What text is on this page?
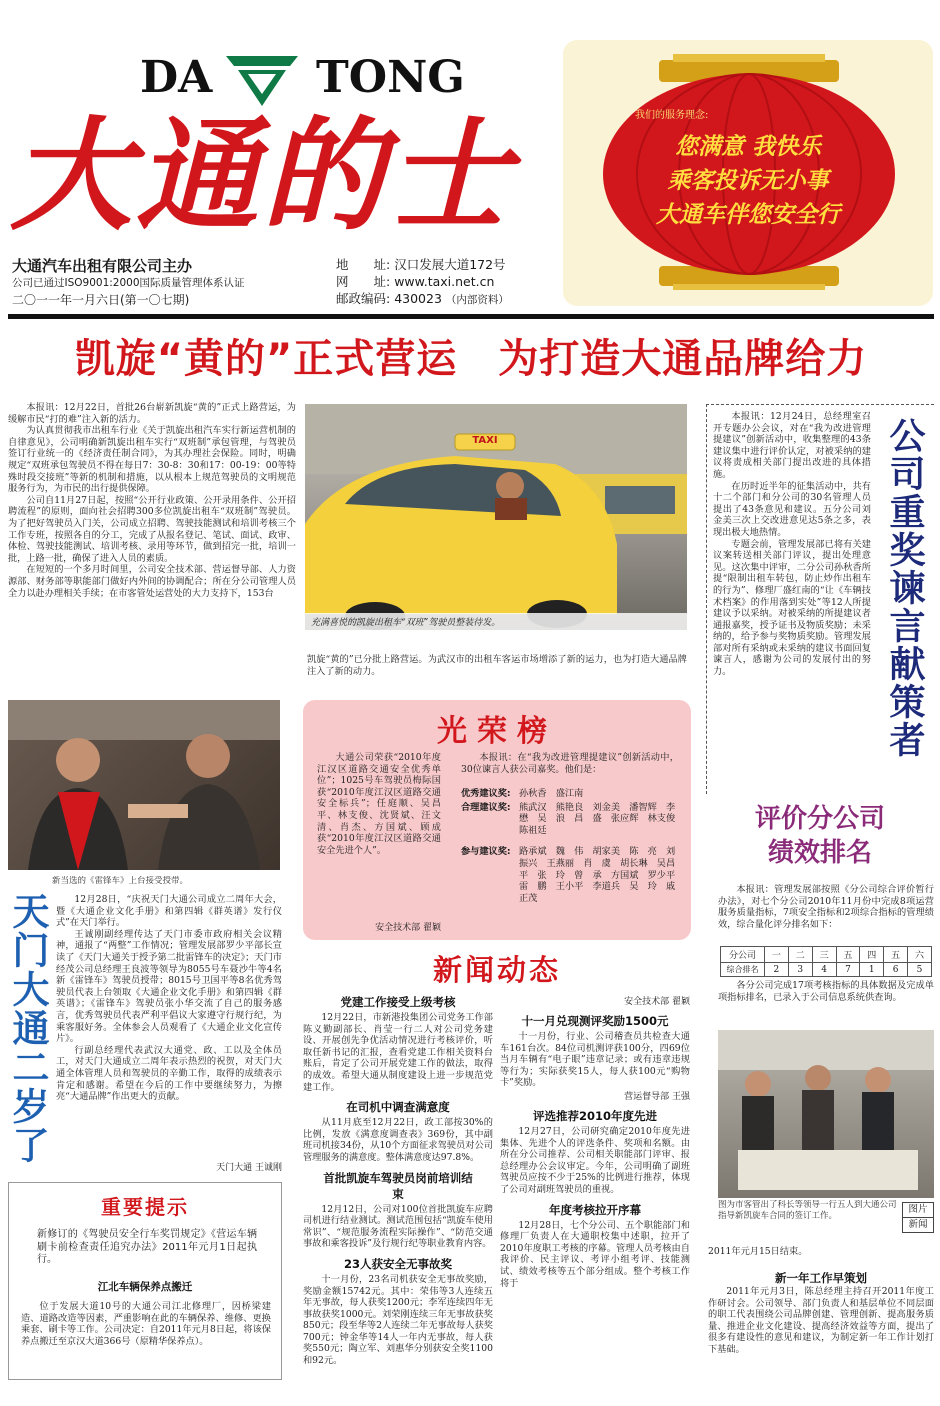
DA TONG
大通的士
大通汽车出租有限公司主办
公司已通过ISO9001:2000国际质量管理体系认证
二〇一一年一月六日(第一〇七期)
地　　址: 汉口发展大道172号
网　　址: www.taxi.net.cn
邮政编码: 430023 （内部资料）
我们的服务理念:
您满意 我快乐
乘客投诉无小事
大通车伴您安全行
凯旋“黄的”正式营运　为打造大通品牌给力

本报讯：12月22日，首批26台崭新凯旋“黄的”正式上路营运，为缓解市民“打的难”注入新的活力。

为认真贯彻我市出租车行业《关于凯旋出租汽车实行新运营机制的自律意见》，公司明确新凯旋出租车实行“双班制”承包管理，与驾驶员签订行业统一的《经济责任制合同》，为其办理社会保险。同时，明确规定“双班承包驾驶员不得在每日7：30-8：30和17：00-19：00等特殊时段交接班”等新的机制和措施，以从根本上规范驾驶员的文明规范服务行为，为市民的出行提供保障。

公司自11月27日起，按照“公开行业政策、公开录用条件、公开招聘流程”的原则，面向社会招聘300多位凯旋出租车“双班制”驾驶员。为了把好驾驶员入门关，公司成立招聘、驾驶技能测试和培训考核三个工作专班，按照各自的分工，完成了从报名登记、笔试、面试、政审、体检、驾驶技能测试、培训考核、录用等环节，做到招完一批，培训一批，上路一批，确保了进入人员的素质。

在短短的一个多月时间里，公司安全技术部、营运督导部、人力资源部、财务部等职能部门做好内外间的协调配合；所在分公司管理人员全力以赴办理相关手续；在市客管处运营处的大力支持下，153台

TAXI
充满喜悦的凯旋出租车“双班”驾驶员整装待发。
凯旋“黄的”已分批上路营运。为武汉市的出租车客运市场增添了新的运力，也为打造大通品牌注入了新的动力。

本报讯：12月24日，总经理室召开专题办公会议，对在“我为改进管理提建议”创新活动中，收集整理的43条建议集中进行评价认定，对被采纳的建议将责成相关部门提出改进的具体措施。

在历时近半年的征集活动中，共有十二个部门和分公司的30名管理人员提出了43条意见和建议。五分公司刘金美三次上交改进意见达5条之多，表现出极大地热情。

专题会前，管理发展部已将有关建议案转送相关部门评议，提出处理意见。这次集中评审，二分公司孙秋香所提“限制出租车转包，防止炒作出租车的行为”、修理厂盛红南的“让《车辆技术档案》的作用落到实处”等12人所提建议予以采纳。对被采纳的所提建议者通报嘉奖，授予证书及物质奖励；未采纳的，给予参与奖物质奖励。管理发展部对所有采纳或未采纳的建议书面回复谏言人，感谢为公司的发展付出的努力。	公司重奖谏言献策者
新当选的《雷锋车》上台接受授带。
天门大通二岁了	12月28日，“庆祝天门大通公司成立二周年大会，暨《大通企业文化手册》和第四辑《群英谱》发行仪式”在天门举行。

王诚刚副经理传达了天门市委市政府相关会议精神，通报了“两整”工作情况；管理发展部罗少平部长宣读了《天门大通关于授予第二批雷锋车的决定》；天门市经茂公司总经理王良波等领导为8055号车聂沙牛等4名新《雷锋车》驾驶员授带；8015号卫国平等8名优秀驾驶员代表上台领取《大通企业文化手册》和第四辑《群英谱》；《雷锋车》驾驶员张小华交流了自己的服务感言，优秀驾驶员代表严利平倡议大家遵守行规行纪，为乘客服好务。全体参会人员观看了《大通企业文化宣传片》。

行副总经理代表武汉大通党、政、工以及全体员工，对天门大通成立二周年表示热烈的祝贺，对天门大通全体管理人员和驾驶员的辛勤工作，取得的成绩表示肯定和感谢。希望在今后的工作中要继续努力，为擦亮“大通品牌”作出更大的贡献。

天门大通 王诚刚
光荣榜
大通公司荣获“2010年度江汉区道路交通安全优秀单位”；1025号车驾驶员梅际国获“2010年度江汉区道路交通安全标兵”；任庭顺、吴昌平、林支俊、沈贤斌、汪文清、肖杰、方国斌、顾成获“2010年度江汉区道路交通安全先进个人”。
安全技术部 翟颖
本报讯：在“我为改进管理提建议”创新活动中，30位谏言人获公司嘉奖。他们是：
优秀建议奖: 孙秋香　盛江南
合理建议奖: 熊武汉　熊艳良　刘金美　潘智辉　李　懋　吴　浪　昌　盛　张应辉　林支俊　陈祖廷
参与建议奖: 路承斌　魏　伟　胡家美　陈　亮　刘振兴　王燕丽　肖　虞　胡长琳　吴昌平　张　玲　曾　承　方国斌　罗少平　雷　鹏　王小平　李道兵　吴　玲　戚正茂
新闻动态
党建工作接受上级考核
12月22日，市新港投集团公司党务工作部陈义勤副部长、肖莹一行二人对公司党务建设、开展创先争优活动情况进行考核评价，听取任新书记的汇报，查看党建工作相关资料台账后，肯定了公司开展党建工作的做法，取得的成效。希望大通从制度建设上进一步规范党建工作。
在司机中调查满意度
从11月底至12月22日，政工部按30%的比例，发放《满意度调查表》369份，其中副班司机接34份，从10个方面征求驾驶员对公司管理服务的满意度。整体满意度达97.8%。
首批凯旋车驾驶员岗前培训结束
12月12日，公司对100位首批凯旋车应聘司机进行结业测试。测试范围包括“凯旋车使用常识”、“规范服务流程实际操作”、“防范交通事故和乘客投诉”及行规行纪等职业教育内容。
23人获安全无事故奖
十一月份，23名司机获安全无事故奖励，奖励金额15742元。其中：荣伟等3人连续五年无事故，每人获奖1200元；李军连续四年无事故获奖1000元。刘荣刚连续三年无事故获奖850元；段至华等2人连续二年无事故每人获奖700元；钟金华等14人一年内无事故，每人获奖550元；陶立军、刘惠华分别获安全奖1100和92元。
安全技术部 翟颖
十一月兑现测评奖励1500元
十一月份，行业、公司稽查员共检查大通车161台次。84位司机测评获100分，四69位当月车辆有“电子眼”违章记录；或有违章违规等行为；实际获奖15人，每人获100元“购物卡”奖励。
营运督导部 王强
评选推荐2010年度先进
12月27日，公司研究确定2010年度先进集体、先进个人的评选条件、奖项和名额。由所在分公司推荐、公司相关职能部门评审、报总经理办公会议审定。今年，公司明确了副班驾驶员应按不少于25%的比例进行推荐，体现了公司对副班驾驶员的重视。
年度考核拉开序幕
12月28日，七个分公司、五个职能部门和修理厂负责人在大通职校集中述职，拉开了2010年度职工考核的序幕。管理人员考核由自我评价、民主评议、考评小组考评、技能测试、绩效考核等五个部分组成。整个考核工作将于
重要提示
新修订的《驾驶员安全行车奖罚规定》《营运车辆刷卡前检查责任追究办法》2011年元月1日起执行。
江北车辆保养点搬迁
位于发展大道10号的大通公司江北修理厂，因桥梁建造、道路改造等因素，严重影响在此的车辆保养、维修、更换乘套、刷卡等工作。公司决定：自2011年元月8日起，将该保养点搬迁至京汉大道366号（原精华保养点）。
评价分公司
绩效排名
本报讯：管理发展部按照《分公司综合评价暂行办法》，对七个分公司2010年11月份中完成8项运营服务质量指标，7项安全指标和2项综合指标的管理绩效，综合量化评分排名如下：
分公司	一	二	三	五	四	五	六
综合排名	2	3	4	7	1	6	5
各分公司完成17项考核指标的具体数据及完成单项指标排名，已录入于公司信息系统供查询。
图为市客管出了科长等领导一行五人到大通公司指导新凯旋车合同的签订工作。
图片
新闻
2011年元月15日结束。
新一年工作早策划
2011年元月3日，陈总经理主持召开2011年度工作研讨会。公司领导、部门负责人和基层单位不同层面的职工代表围绕公司品牌创建、管理创新、提高服务质量、推进企业文化建设、提高经济效益等方面，提出了很多有建设性的意见和建议，为制定新一年工作计划打下基础。
